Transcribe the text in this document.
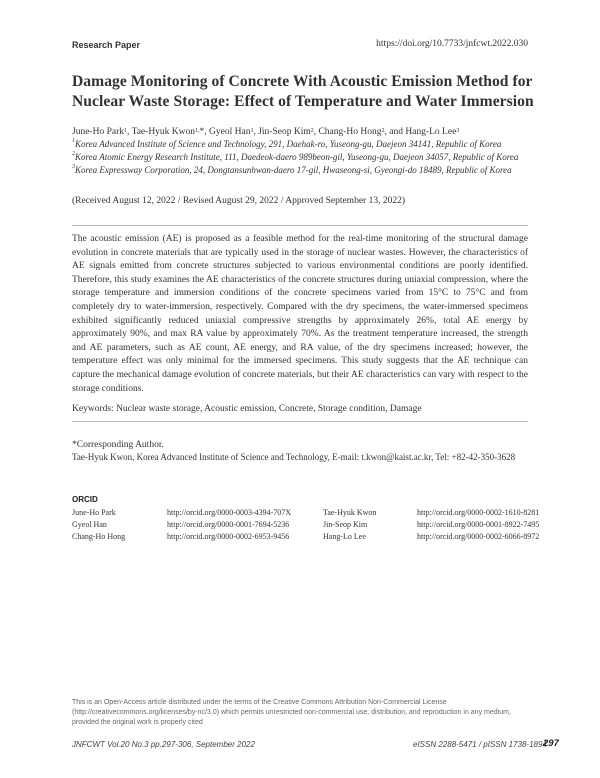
Research Paper	https://doi.org/10.7733/jnfcwt.2022.030
Damage Monitoring of Concrete With Acoustic Emission Method for Nuclear Waste Storage: Effect of Temperature and Water Immersion
June-Ho Park$^1$, Tae-Hyuk Kwon$^{1,}$*, Gyeol Han$^1$, Jin-Seop Kim$^2$, Chang-Ho Hong$^2$, and Hang-Lo Lee$^3$
$^1$Korea Advanced Institute of Science and Technology, 291, Daehak-ro, Yuseong-gu, Daejeon 34141, Republic of Korea
$^2$Korea Atomic Energy Research Institute, 111, Daedeok-daero 989beon-gil, Yuseong-gu, Daejeon 34057, Republic of Korea
$^3$Korea Expressway Corporation, 24, Dongtansunhwan-daero 17-gil, Hwaseong-si, Gyeongi-do 18489, Republic of Korea
(Received August 12, 2022 / Revised August 29, 2022 / Approved September 13, 2022)

The acoustic emission (AE) is proposed as a feasible method for the real-time monitoring of the structural damage evolution in concrete materials that are typically used in the storage of nuclear wastes. However, the characteristics of AE signals emitted from concrete structures subjected to various environmental conditions are poorly identified. Therefore, this study examines the AE characteristics of the concrete structures during uniaxial compression, where the storage temperature and immersion conditions of the concrete specimens varied from 15°C to 75°C and from completely dry to water-immersion, respectively. Compared with the dry specimens, the water-immersed specimens exhibited significantly reduced uniaxial compressive strengths by approximately 26%, total AE energy by approximately 90%, and max RA value by approximately 70%. As the treatment temperature increased, the strength and AE parameters, such as AE count, AE energy, and RA value, of the dry specimens increased; however, the temperature effect was only minimal for the immersed specimens. This study suggests that the AE technique can capture the mechanical damage evolution of concrete materials, but their AE characteristics can vary with respect to the storage conditions.

Keywords: Nuclear waste storage, Acoustic emission, Concrete, Storage condition, Damage
*Corresponding Author.
Tae-Hyuk Kwon, Korea Advanced Institute of Science and Technology, E-mail: t.kwon@kaist.ac.kr, Tel: +82-42-350-3628
ORCID
June-Ho Park	http://orcid.org/0000-0003-4394-707X	Tae-Hyuk Kwon	http://orcid.org/0000-0002-1610-8281
Gyeol Han	http://orcid.org/0000-0001-7694-5236	Jin-Seop Kim	http://orcid.org/0000-0001-8922-7495
Chang-Ho Hong	http://orcid.org/0000-0002-6953-9456	Hang-Lo Lee	http://orcid.org/0000-0002-6066-8972
This is an Open-Access article distributed under the terms of the Creative Commons Attribution Non-Commercial License (http://creativecommons.org/licenses/by-nc/3.0) which permits unrestricted non-commercial use, distribution, and reproduction in any medium, provided the original work is properly cited
JNFCWT Vol.20 No.3 pp.297-306, September 2022	eISSN 2288-5471 / pISSN 1738-1894
297
